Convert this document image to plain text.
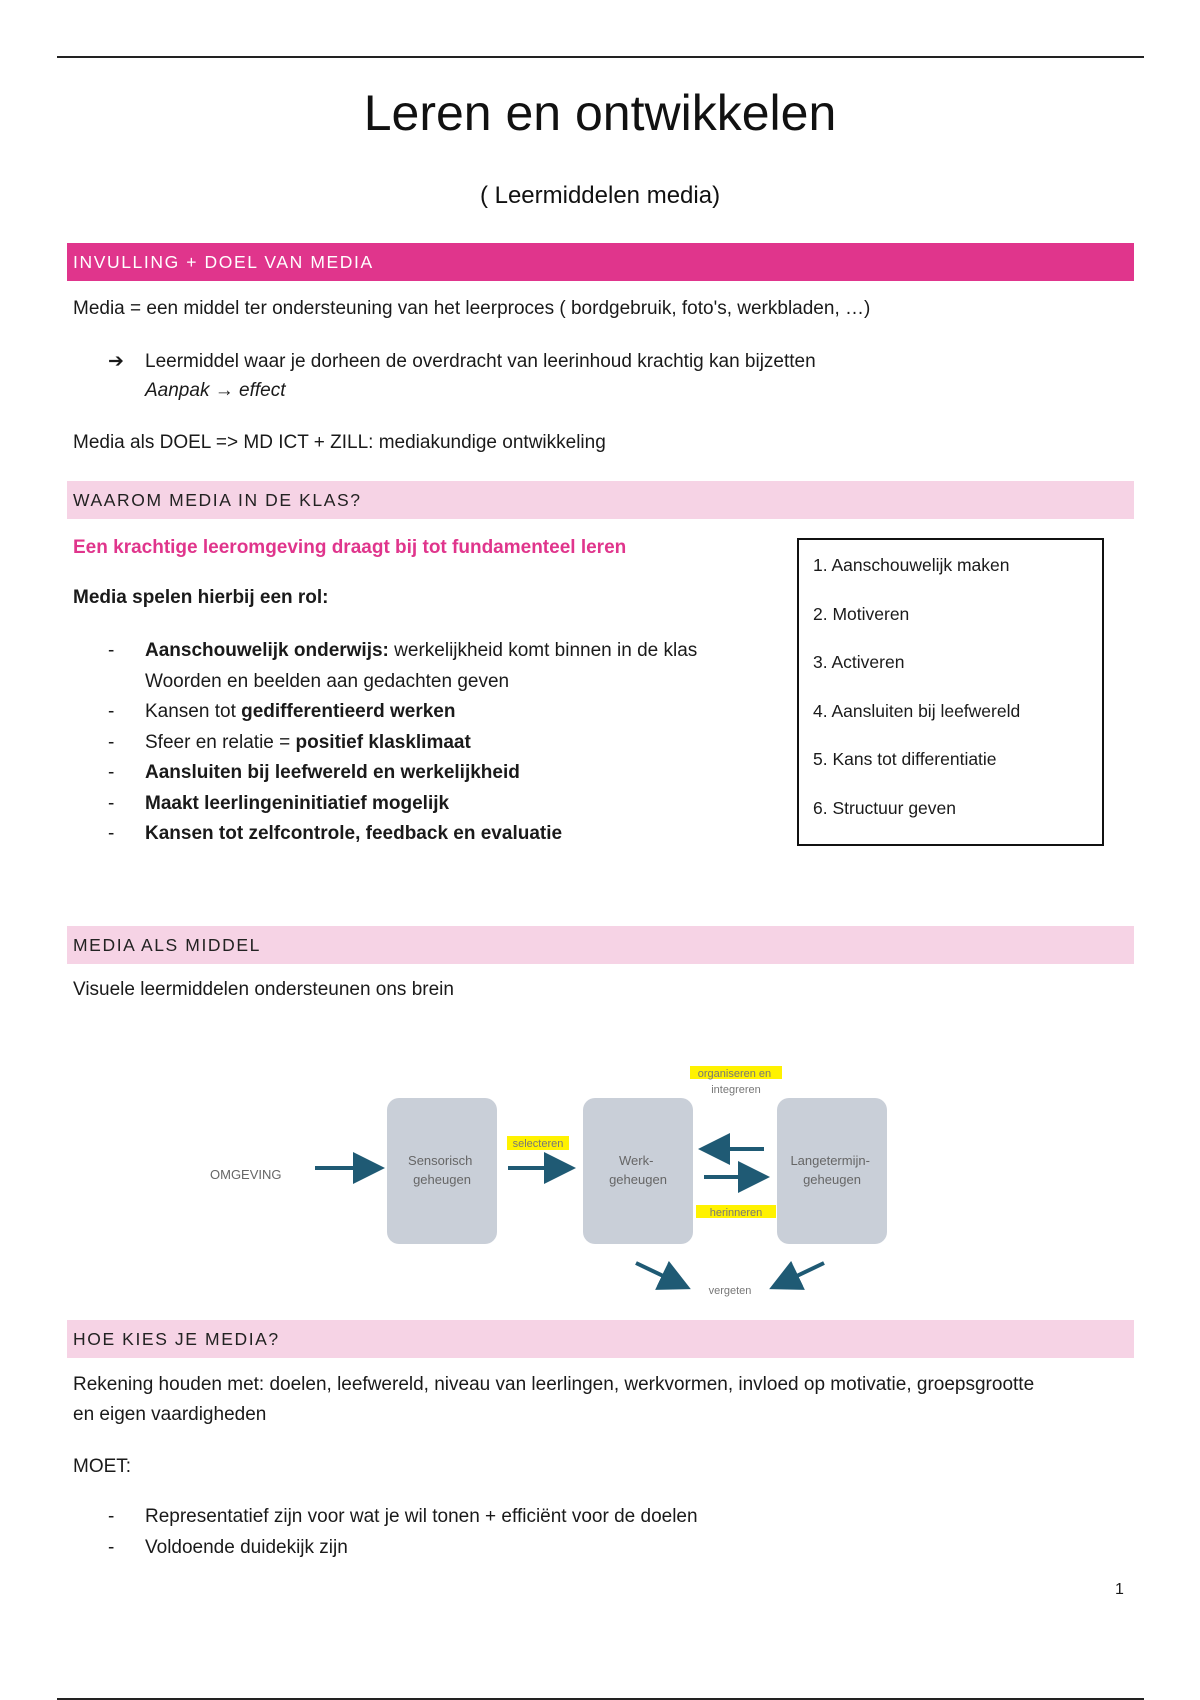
Leren en ontwikkelen
( Leermiddelen media)
INVULLING + DOEL VAN MEDIA
Media = een middel ter ondersteuning van het leerproces ( bordgebruik, foto's, werkbladen, …)
➔ Leermiddel waar je dorheen de overdracht van leerinhoud krachtig kan bijzetten
Aanpak → effect
Media als DOEL => MD ICT + ZILL: mediakundige ontwikkeling
WAAROM MEDIA IN DE KLAS?
Een krachtige leeromgeving draagt bij tot fundamenteel leren
Media spelen hierbij een rol:
- Aanschouwelijk onderwijs: werkelijkheid komt binnen in de klas
Woorden en beelden aan gedachten geven
- Kansen tot gedifferentieerd werken
- Sfeer en relatie = positief klasklimaat
- Aansluiten bij leefwereld en werkelijkheid
- Maakt leerlingeninitiatief mogelijk
- Kansen tot zelfcontrole, feedback en evaluatie
1. Aanschouwelijk maken
2. Motiveren
3. Activeren
4. Aansluiten bij leefwereld
5. Kans tot differentiatie
6. Structuur geven
MEDIA ALS MIDDEL
Visuele leermiddelen ondersteunen ons brein
OMGEVING
Sensorisch geheugen
selecteren
Werk- geheugen
organiseren en integreren
herinneren
Langetermijn- geheugen
vergeten
HOE KIES JE MEDIA?
Rekening houden met: doelen, leefwereld, niveau van leerlingen, werkvormen, invloed op motivatie, groepsgrootte
en eigen vaardigheden
MOET:
- Representatief zijn voor wat je wil tonen + efficiënt voor de doelen
- Voldoende duidekijk zijn
1
